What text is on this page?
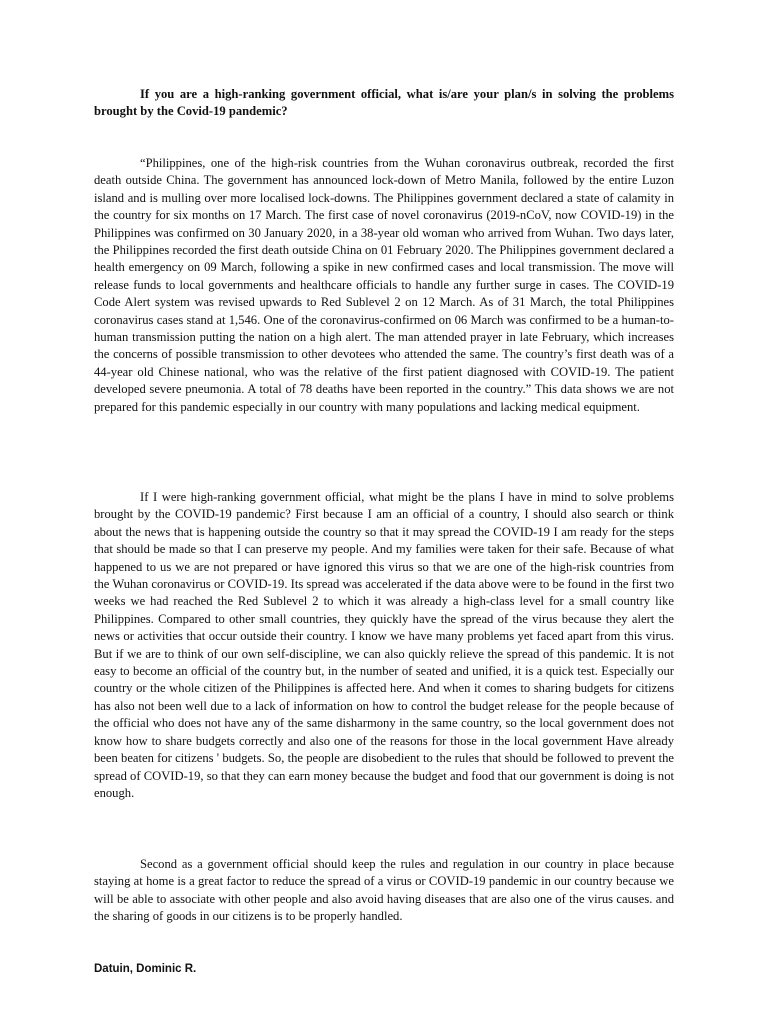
If you are a high-ranking government official, what is/are your plan/s in solving the problems brought by the Covid-19 pandemic?

“Philippines, one of the high-risk countries from the Wuhan coronavirus outbreak, recorded the first death outside China. The government has announced lock-down of Metro Manila, followed by the entire Luzon island and is mulling over more localised lock-downs. The Philippines government declared a state of calamity in the country for six months on 17 March. The first case of novel coronavirus (2019-nCoV, now COVID-19) in the Philippines was confirmed on 30 January 2020, in a 38-year old woman who arrived from Wuhan. Two days later, the Philippines recorded the first death outside China on 01 February 2020. The Philippines government declared a health emergency on 09 March, following a spike in new confirmed cases and local transmission. The move will release funds to local governments and healthcare officials to handle any further surge in cases. The COVID-19 Code Alert system was revised upwards to Red Sublevel 2 on 12 March. As of 31 March, the total Philippines coronavirus cases stand at 1,546. One of the coronavirus-confirmed on 06 March was confirmed to be a human-to-human transmission putting the nation on a high alert. The man attended prayer in late February, which increases the concerns of possible transmission to other devotees who attended the same. The country’s first death was of a 44-year old Chinese national, who was the relative of the first patient diagnosed with COVID-19. The patient developed severe pneumonia. A total of 78 deaths have been reported in the country.” This data shows we are not prepared for this pandemic especially in our country with many populations and lacking medical equipment.

If I were high-ranking government official, what might be the plans I have in mind to solve problems brought by the COVID-19 pandemic? First because I am an official of a country, I should also search or think about the news that is happening outside the country so that it may spread the COVID-19 I am ready for the steps that should be made so that I can preserve my people. And my families were taken for their safe. Because of what happened to us we are not prepared or have ignored this virus so that we are one of the high-risk countries from the Wuhan coronavirus or COVID-19. Its spread was accelerated if the data above were to be found in the first two weeks we had reached the Red Sublevel 2 to which it was already a high-class level for a small country like Philippines. Compared to other small countries, they quickly have the spread of the virus because they alert the news or activities that occur outside their country. I know we have many problems yet faced apart from this virus. But if we are to think of our own self-discipline, we can also quickly relieve the spread of this pandemic. It is not easy to become an official of the country but, in the number of seated and unified, it is a quick test. Especially our country or the whole citizen of the Philippines is affected here. And when it comes to sharing budgets for citizens has also not been well due to a lack of information on how to control the budget release for the people because of the official who does not have any of the same disharmony in the same country, so the local government does not know how to share budgets correctly and also one of the reasons for those in the local government Have already been beaten for citizens ' budgets. So, the people are disobedient to the rules that should be followed to prevent the spread of COVID-19, so that they can earn money because the budget and food that our government is doing is not enough.

Second as a government official should keep the rules and regulation in our country in place because staying at home is a great factor to reduce the spread of a virus or COVID-19 pandemic in our country because we will be able to associate with other people and also avoid having diseases that are also one of the virus causes. and the sharing of goods in our citizens is to be properly handled.

Datuin, Dominic R.
